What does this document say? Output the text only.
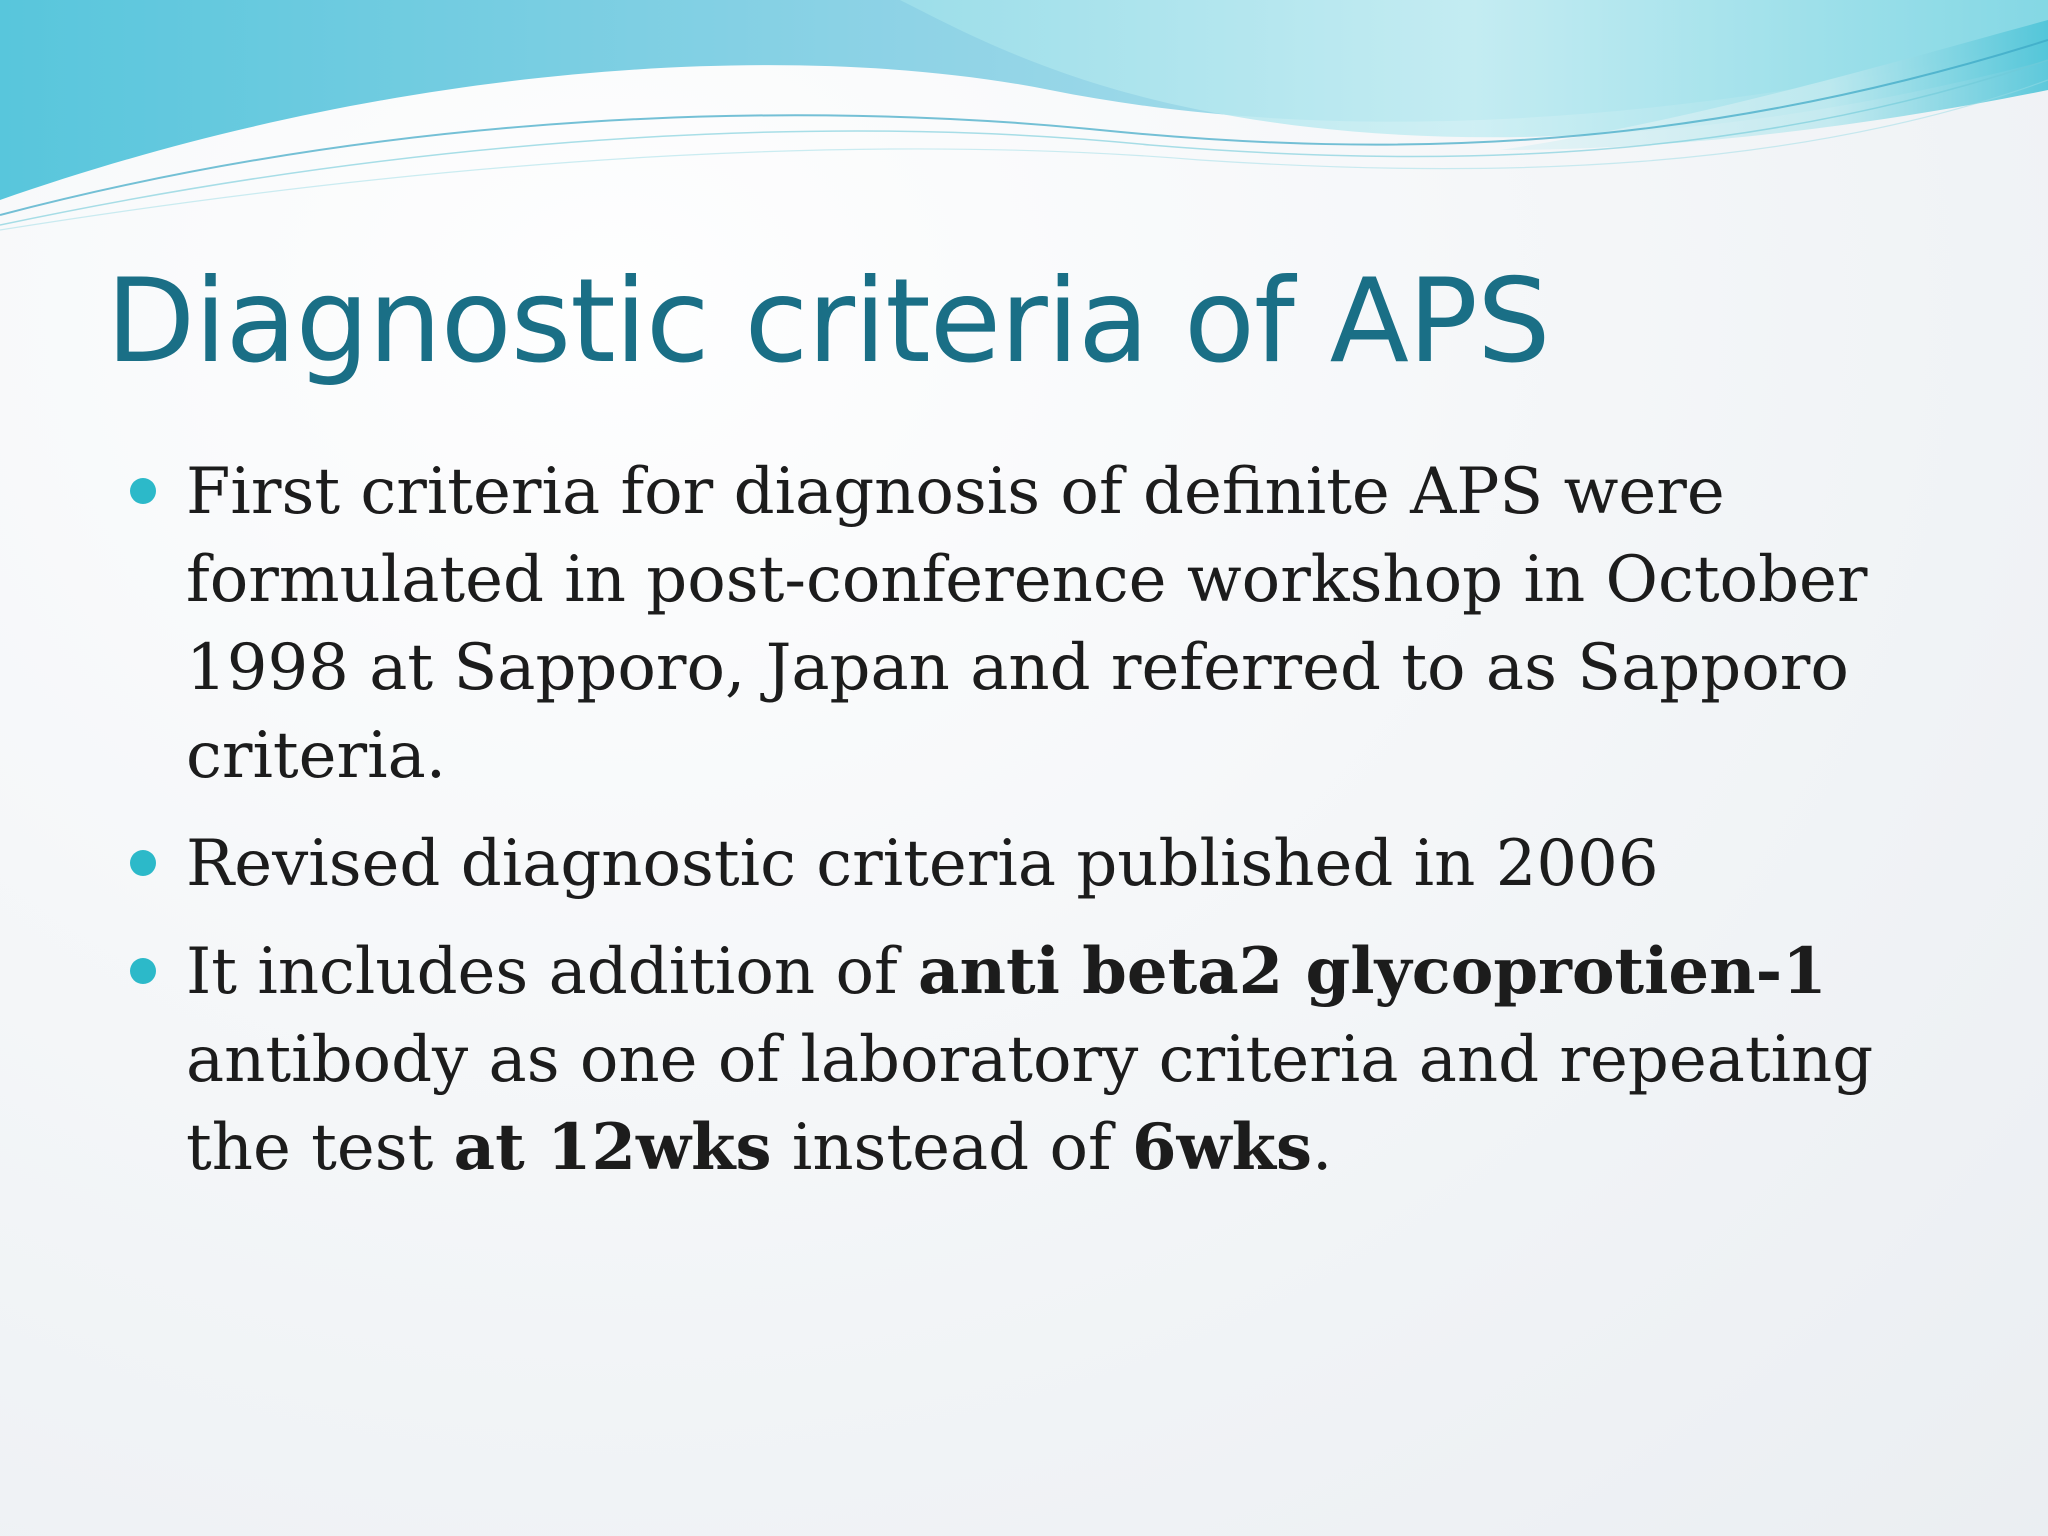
Diagnostic criteria of APS
First criteria for diagnosis of definite APS were formulated in post-conference workshop in October 1998 at Sapporo, Japan and referred to as Sapporo criteria.
Revised diagnostic criteria published in 2006
It includes addition of anti beta2 glycoprotien-1 antibody as one of laboratory criteria and repeating the test at 12wks instead of 6wks.
